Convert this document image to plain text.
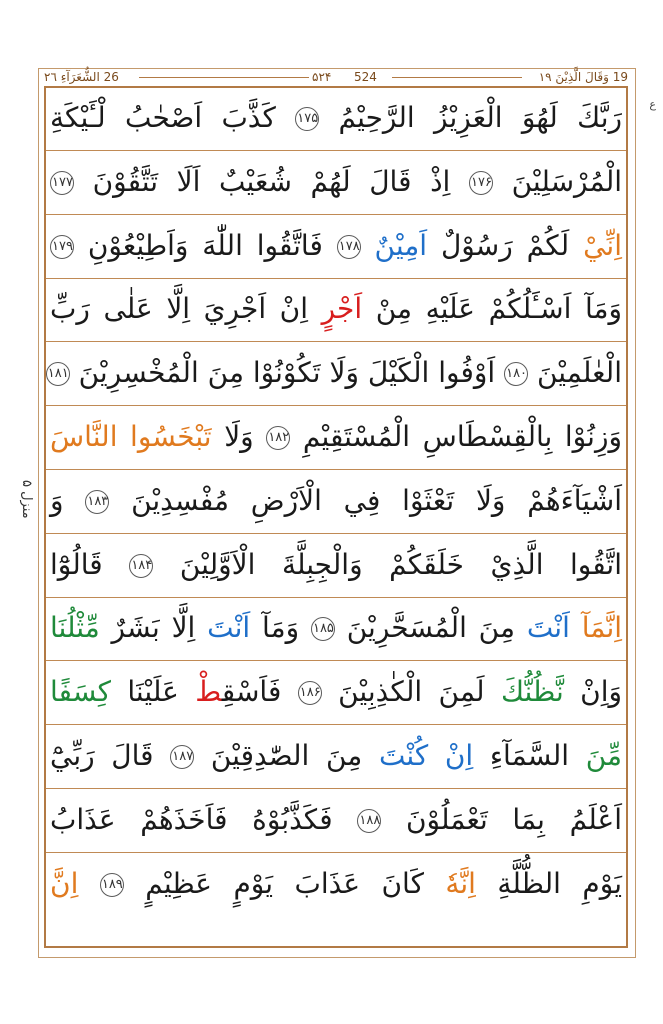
26 الشُّعَرَآءِ ٢٦	۵۲۴ 524	19 وَقَالَ الَّذِيْنَ ١٩
ع
منزل ۵
رَبَّكَ لَهُوَ الْعَزِيْزُ الرَّحِيْمُ ۱۷۵ كَذَّبَ اَصْحٰبُ لْـَٔيْكَةِ
الْمُرْسَلِيْنَ ۱۷۶ اِذْ قَالَ لَهُمْ شُعَيْبٌ اَلَا تَتَّقُوْنَ ۱۷۷
اِنِّيْ لَكُمْ رَسُوْلٌ اَمِيْنٌ ۱۷۸ فَاتَّقُوا اللّٰهَ وَاَطِيْعُوْنِ ۱۷۹
وَمَآ اَسْـَٔلُكُمْ عَلَيْهِ مِنْ اَجْرٍ اِنْ اَجْرِيَ اِلَّا عَلٰى رَبِّ
الْعٰلَمِيْنَ ۱۸۰ اَوْفُوا الْكَيْلَ وَلَا تَكُوْنُوْا مِنَ الْمُخْسِرِيْنَ ۱۸۱
وَزِنُوْا بِالْقِسْطَاسِ الْمُسْتَقِيْمِ ۱۸۲ وَلَا تَبْخَسُوا النَّاسَ
اَشْيَآءَهُمْ وَلَا تَعْثَوْا فِي الْاَرْضِ مُفْسِدِيْنَ ۱۸۳ وَ
اتَّقُوا الَّذِيْ خَلَقَكُمْ وَالْجِبِلَّةَ الْاَوَّلِيْنَ ۱۸۴ قَالُوْٓا
اِنَّمَآ اَنْتَ مِنَ الْمُسَحَّرِيْنَ ۱۸۵ وَمَآ اَنْتَ اِلَّا بَشَرٌ مِّثْلُنَا
وَاِنْ نَّظُنُّكَ لَمِنَ الْكٰذِبِيْنَ ۱۸۶ فَاَسْقِطْ عَلَيْنَا كِسَفًا
مِّنَ السَّمَآءِ اِنْ كُنْتَ مِنَ الصّٰدِقِيْنَ ۱۸۷ قَالَ رَبِّيْٓ
اَعْلَمُ بِمَا تَعْمَلُوْنَ ۱۸۸ فَكَذَّبُوْهُ فَاَخَذَهُمْ عَذَابُ
يَوْمِ الظُّلَّةِ اِنَّهٗ كَانَ عَذَابَ يَوْمٍ عَظِيْمٍ ۱۸۹ اِنَّ
